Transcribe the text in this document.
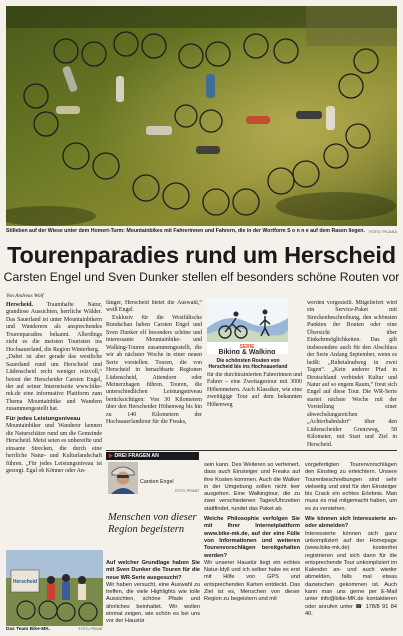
FOTO: PICASA
Stilleben auf der Wiese unter dem Homert-Turm: Mountainbikes mit Fahrerinnen und Fahrern, die in der Wortform S o n n e auf dem Rasen liegen.
Tourenparadies rund um Herscheid
Carsten Engel und Sven Dunker stellen elf besonders schöne Routen vor

Von Andreas Wolf

Herscheid. Traumhafte Natur, grandiose Aussichten, herrliche Wälder. Das Sauerland ist unter Mountainbikern und Wanderern als ansprechendes Tourenparadies bekannt. Allerdings zieht es die meisten Touristen ins Hochsauerland, die Region Winterberg.

„Dabei ist aber gerade das westliche Sauerland rund um Herscheid und Lüdenscheid recht weniger reizvoll,“ betont der Herscheider Carsten Engel, der auf seiner Internetseite www.bike-mk.de eine informative Plattform zum Thema Mountainbike und Wandern zusammengestellt hat.

Für jedes Leistungsniveau

Mountainbiker und Wanderer kennen die Naturschätze rund um die Gemeinde Herscheid. Meist seien es unbereifte und einsame Strecken, die durch eine herrliche Natur- und Kulturlandschaft führen. „Für jedes Leistungsniveau ist gesorgt. Egal ob Könner oder An-

fänger, Herscheid bietet die Auswahl,“ weiß Engel.

Exklusiv für die Westfälische Rundschau haben Carsten Engel und Sven Dunker elf besonders schöne und interessante Mountainbike- und Walking-Touren zusammengestellt, die wir ab nächster Woche in einer neuen Serie vorstellen. Touren, die von Herscheid in benachbarte Regionen Lüdenscheid, Attendorn oder Meinerzhagen führen. Touren, die unterschiedlichen Leistungsniveau berücksichtigen: Von 30 Kilometern über den Herscheider Höhenweg bis hin zu 140 Kilometern der Hochsauerlandtour für die Freaks,

SERIE
Biking & Walking
Die schönsten Routen von Herscheid bis ins Hochsauerland

für die durchtrainierten Fahrerinnen und Fahrer – eine Zweitagestour mit 3000 Höhenmetern. Auch Klassiker, wie eine zweitägige Tour auf dem bekannten Höhenweg

werden vorgestellt. Mitgeliefert wird ein Service-Paket mit Streckenbeschreibung, den schönsten Punkten der Routen oder eine Übersicht über Einkehrmöglichkeiten. Das gilt insbesondere auch für den Abschluss der Serie Anfang September, wenn es heißt: „Ruhetalradweg in zwei Tagen“. „Kein anderer Pfad in Deutschland verbindet Kultur und Natur auf so engem Raum,“ freut sich Engel auf diese Tour. Die WR-Serie startet nächste Woche mit der Vorstellung einer abwechslungsreichen „Achterbahnfahrt“ über den Lüdenscheider Grenzweg, 58 Kilometer, mit Start und Ziel in Herscheid.

▶ DREI FRAGEN AN
Carsten Engel
FOTO: PRIVAT
Menschen von dieser Region begeistern

Auf welcher Grundlage haben Sie mit Sven Dunker die Touren für die neue WR-Serie ausgesucht?

Wir haben versucht, eine Auswahl zu treffen, die viele Highlights wie tolle Aussichten, schöne Pfade und ähnliches beinhaltet. Wir wollen einmal zeigen, wie schön es bei uns vor der Haustür

sein kann. Des Weiteren so verfeinert, dass auch Einsteiger und Freaks auf ihre Kosten kommen. Auch die Walker in der Umgebung sollen nicht leer ausgehen. Eine Walkingtour, die zu zwei verschiedenen Tagen/Uhrzeiten stattfindet, rundet das Paket ab.

Welche Philosophie verfolgen Sie mit Ihrer Internetplattform www.bike-mk.de, auf der eine Fülle von Informationen und weiteren Tourenvorschlägen bereitgehalten werden?

Wir unserer Haustür liegt ein echtes Natur-Idyll und ich selber habe es erst mit Hilfe von GPS und entsprechenden Karten entdeckt. Das Ziel ist es, Menschen von dieser Region zu begeistern und mit

vorgefertigten Tourenvorschlägen den Einstieg zu erleichtern. Unsere Tourenbeschreibungen sind sehr vielseitig und sind für den Einsteiger bis Crack ein echtes Erlebnis. Man muss es mal mitgemacht haben, um es zu verstehen.

Wie können sich Interessierte an- oder abmelden?

Interessierte können sich ganz unkompliziert auf der Homepage (www.bike-mk.de) kostenfrei registrieren und sich dann für die entsprechende Tour unkompliziert im Kalender an- und auch wieder abmelden, falls mal etwas dazwischen gekommen ist. Auch kann man uns gerne per E-Mail unter info@bike-MK.de kontaktieren oder anrufen unter ☎ 178/8 91 84 40.

Herscheid
FOTO: PRIVAT
Das Team Bike-MK.
